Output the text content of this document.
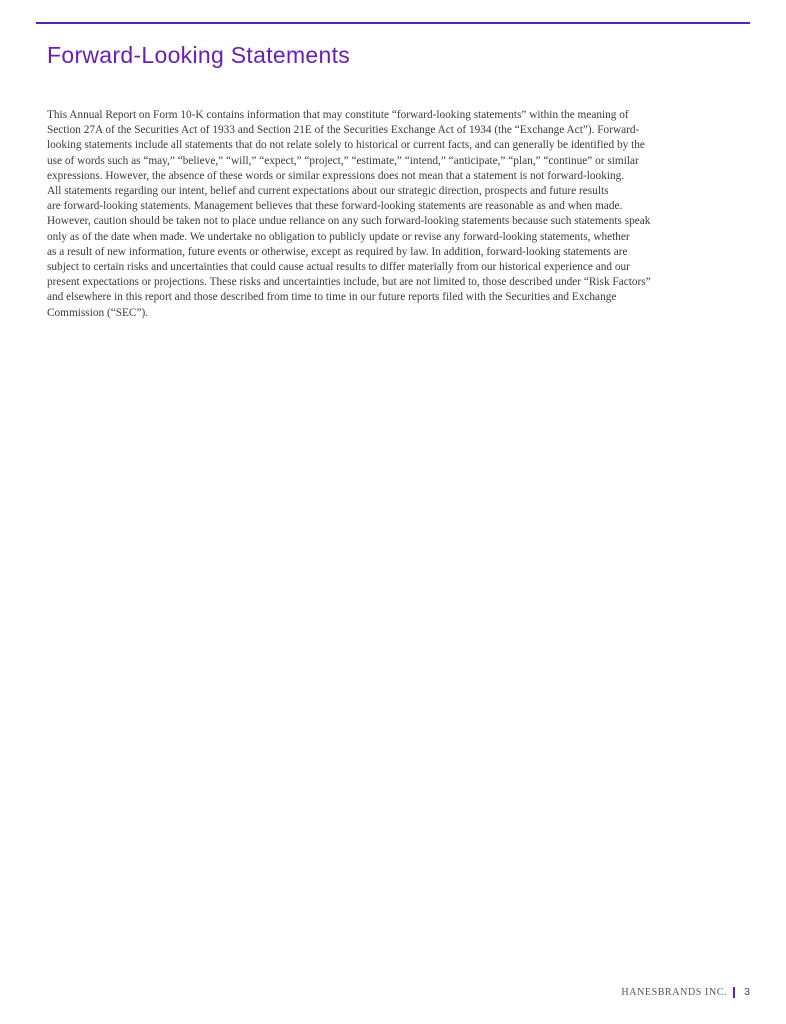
Forward-Looking Statements
This Annual Report on Form 10-K contains information that may constitute “forward-looking statements” within the meaning of
Section 27A of the Securities Act of 1933 and Section 21E of the Securities Exchange Act of 1934 (the “Exchange Act”). Forward-
looking statements include all statements that do not relate solely to historical or current facts, and can generally be identified by the
use of words such as “may,” “believe,” “will,” “expect,” “project,” “estimate,” “intend,” “anticipate,” “plan,” “continue” or similar
expressions. However, the absence of these words or similar expressions does not mean that a statement is not forward-looking.
All statements regarding our intent, belief and current expectations about our strategic direction, prospects and future results
are forward-looking statements. Management believes that these forward-looking statements are reasonable as and when made.
However, caution should be taken not to place undue reliance on any such forward-looking statements because such statements speak
only as of the date when made. We undertake no obligation to publicly update or revise any forward-looking statements, whether
as a result of new information, future events or otherwise, except as required by law. In addition, forward-looking statements are
subject to certain risks and uncertainties that could cause actual results to differ materially from our historical experience and our
present expectations or projections. These risks and uncertainties include, but are not limited to, those described under “Risk Factors”
and elsewhere in this report and those described from time to time in our future reports filed with the Securities and Exchange
Commission (“SEC”).
HANESBRANDS INC. 3
